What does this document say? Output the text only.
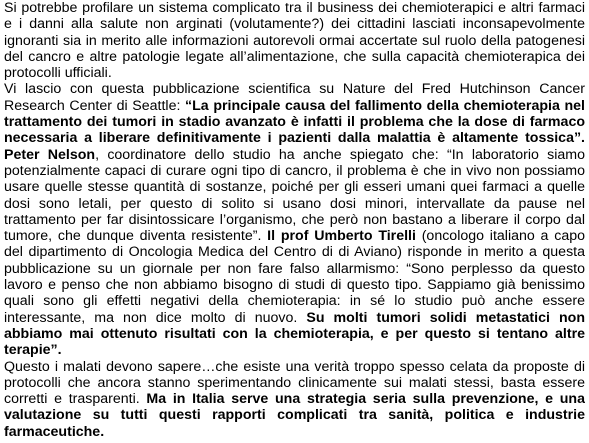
Si potrebbe profilare un sistema complicato tra il business dei chemioterapici e altri farmaci e i danni alla salute non arginati (volutamente?) dei cittadini lasciati inconsapevolmente ignoranti sia in merito alle informazioni autorevoli ormai accertate sul ruolo della patogenesi del cancro e altre patologie legate all’alimentazione, che sulla capacità chemioterapica dei protocolli ufficiali.

Vi lascio con questa pubblicazione scientifica su Nature del Fred Hutchinson Cancer Research Center di Seattle: “La principale causa del fallimento della chemioterapia nel trattamento dei tumori in stadio avanzato è infatti il problema che la dose di farmaco necessaria a liberare definitivamente i pazienti dalla malattia è altamente tossica”. Peter Nelson, coordinatore dello studio ha anche spiegato che: “In laboratorio siamo potenzialmente capaci di curare ogni tipo di cancro, il problema è che in vivo non possiamo usare quelle stesse quantità di sostanze, poiché per gli esseri umani quei farmaci a quelle dosi sono letali, per questo di solito si usano dosi minori, intervallate da pause nel trattamento per far disintossicare l’organismo, che però non bastano a liberare il corpo dal tumore, che dunque diventa resistente”. Il prof Umberto Tirelli (oncologo italiano a capo del dipartimento di Oncologia Medica del Centro di di Aviano) risponde in merito a questa pubblicazione su un giornale per non fare falso allarmismo: “Sono perplesso da questo lavoro e penso che non abbiamo bisogno di studi di questo tipo. Sappiamo già benissimo quali sono gli effetti negativi della chemioterapia: in sé lo studio può anche essere interessante, ma non dice molto di nuovo. Su molti tumori solidi metastatici non abbiamo mai ottenuto risultati con la chemioterapia, e per questo si tentano altre terapie”.

Questo i malati devono sapere…che esiste una verità troppo spesso celata da proposte di protocolli che ancora stanno sperimentando clinicamente sui malati stessi, basta essere corretti e trasparenti. Ma in Italia serve una strategia seria sulla prevenzione, e una valutazione su tutti questi rapporti complicati tra sanità, politica e industrie farmaceutiche.
